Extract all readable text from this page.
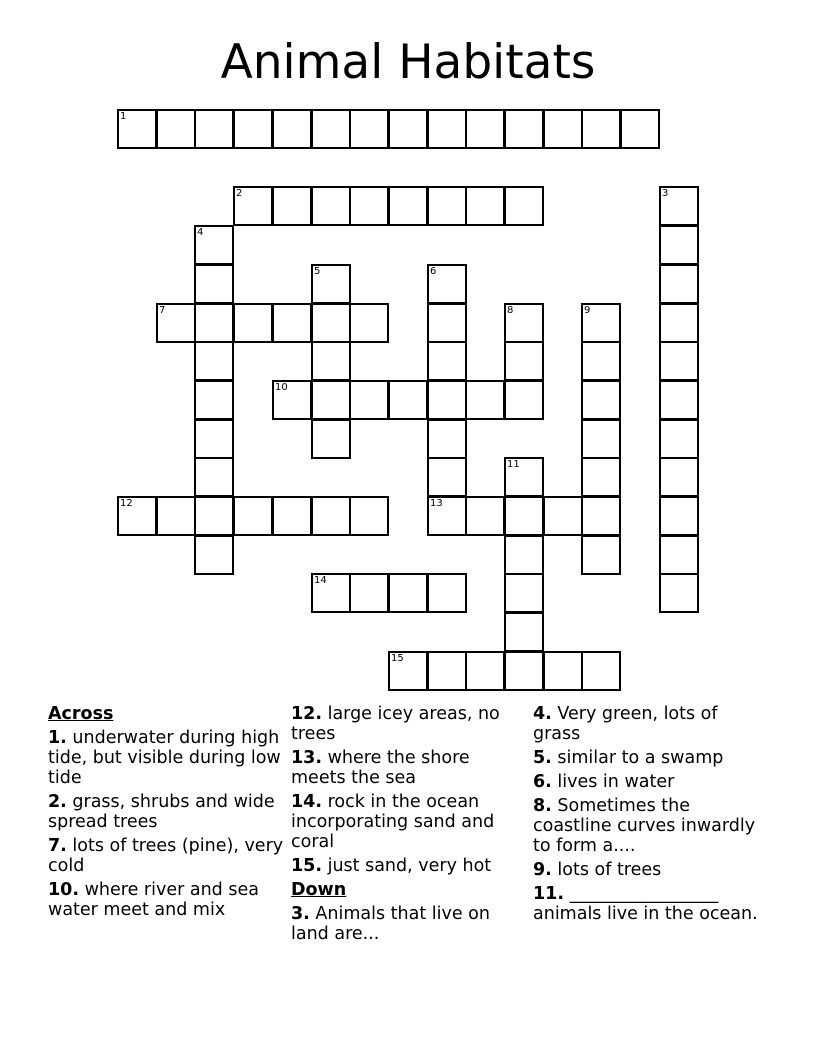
Animal Habitats
1
2	3
4
5	6
7	8	9
10
11
12	13
14
15
Across
1. underwater during high tide, but visible during low tide
2. grass, shrubs and wide spread trees
7. lots of trees (pine), very cold
10. where river and sea water meet and mix
12. large icey areas, no trees
13. where the shore meets the sea
14. rock in the ocean incorporating sand and coral
15. just sand, very hot
Down
3. Animals that live on land are...
4. Very green, lots of grass
5. similar to a swamp
6. lives in water
8. Sometimes the coastline curves inwardly to form a....
9. lots of trees
11. _________________ animals live in the ocean.
